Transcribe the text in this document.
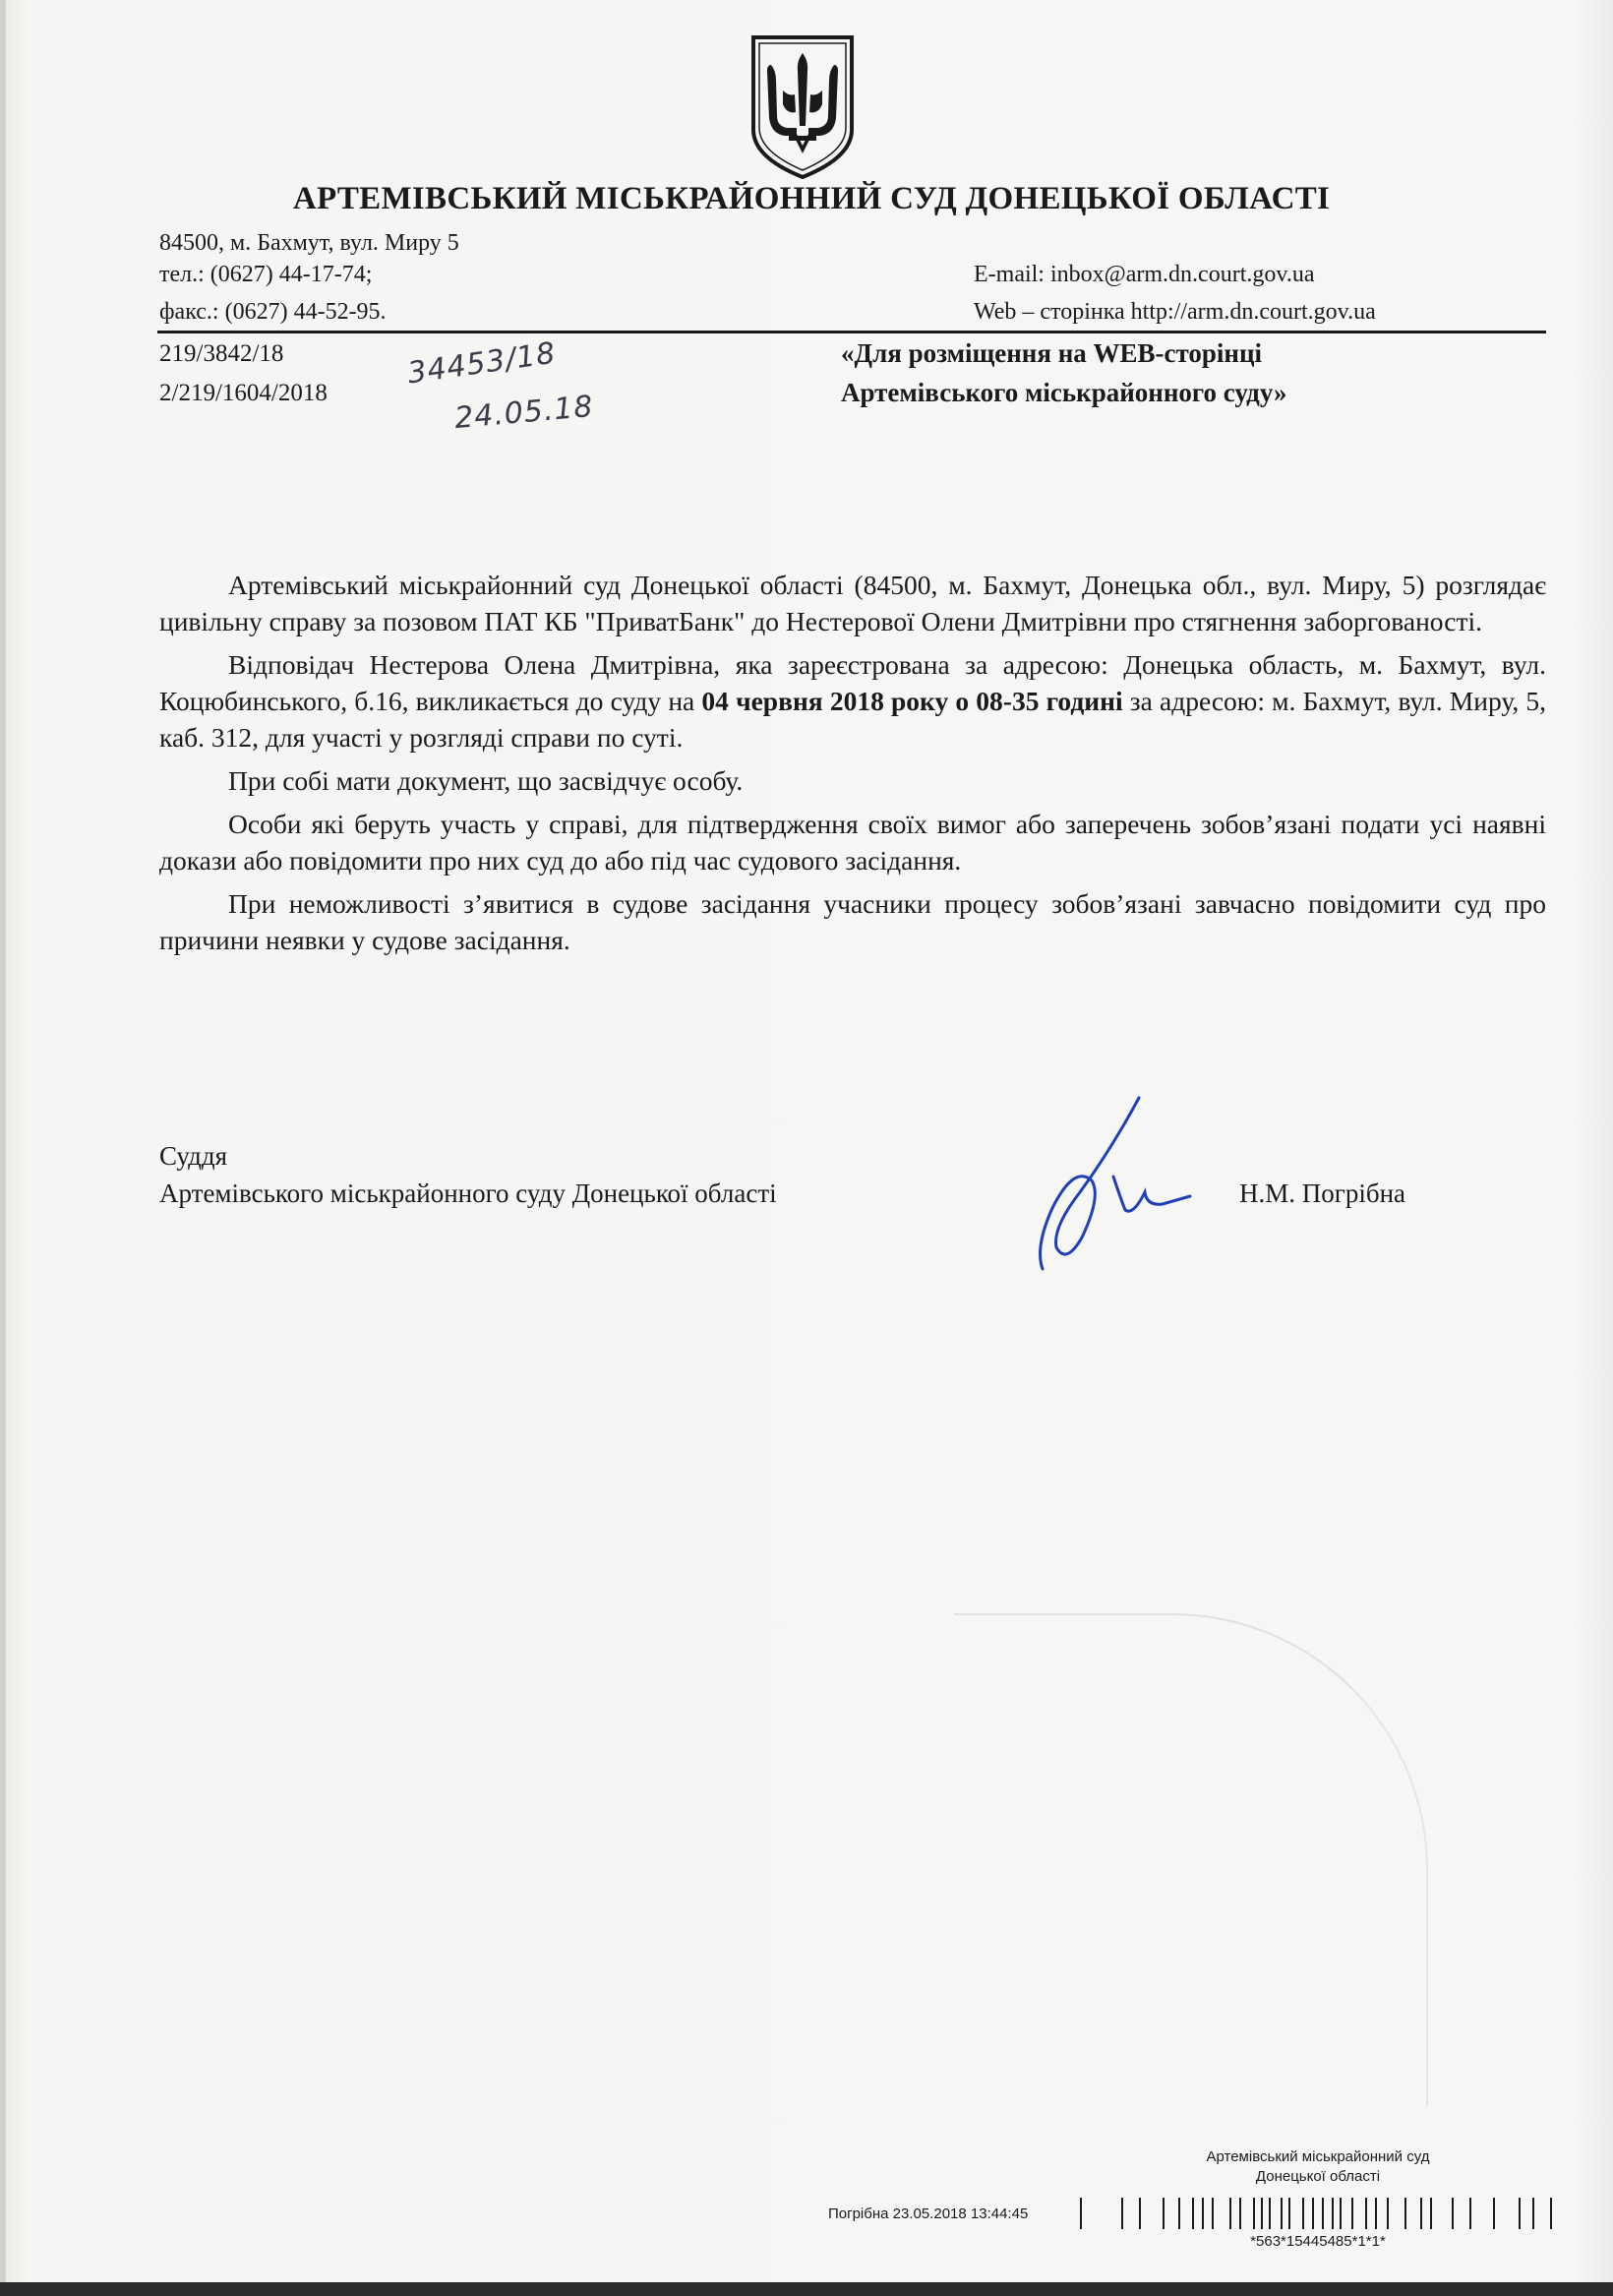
АРТЕМІВСЬКИЙ МІСЬКРАЙОННИЙ СУД ДОНЕЦЬКОЇ ОБЛАСТІ
84500, м. Бахмут, вул. Миру 5
тел.: (0627) 44-17-74;
факс.: (0627) 44-52-95.
E-mail: inbox@arm.dn.court.gov.ua
Web – сторінка http://arm.dn.court.gov.ua
219/3842/18
2/219/1604/2018
34453/18
24.05.18
«Для розміщення на WEB-сторінці
Артемівського міськрайонного суду»

Артемівський міськрайонний суд Донецької області (84500, м. Бахмут, Донецька обл., вул. Миру, 5) розглядає цивільну справу за позовом ПАТ КБ "ПриватБанк" до Нестерової Олени Дмитрівни про стягнення заборгованості.

Відповідач Нестерова Олена Дмитрівна, яка зареєстрована за адресою: Донецька область, м. Бахмут, вул. Коцюбинського, б.16, викликається до суду на 04 червня 2018 року о 08-35 годині за адресою: м. Бахмут, вул. Миру, 5, каб. 312, для участі у розгляді справи по суті.

При собі мати документ, що засвідчує особу.

Особи які беруть участь у справі, для підтвердження своїх вимог або заперечень зобов’язані подати усі наявні докази або повідомити про них суд до або під час судового засідання.

При неможливості з’явитися в судове засідання учасники процесу зобов’язані завчасно повідомити суд про причини неявки у судове засідання.

Суддя
Артемівського міськрайонного суду Донецької області	Н.М. Погрібна
Артемівський міськрайонний суд
Донецької області
Погрібна 23.05.2018 13:44:45
*563*15445485*1*1*
